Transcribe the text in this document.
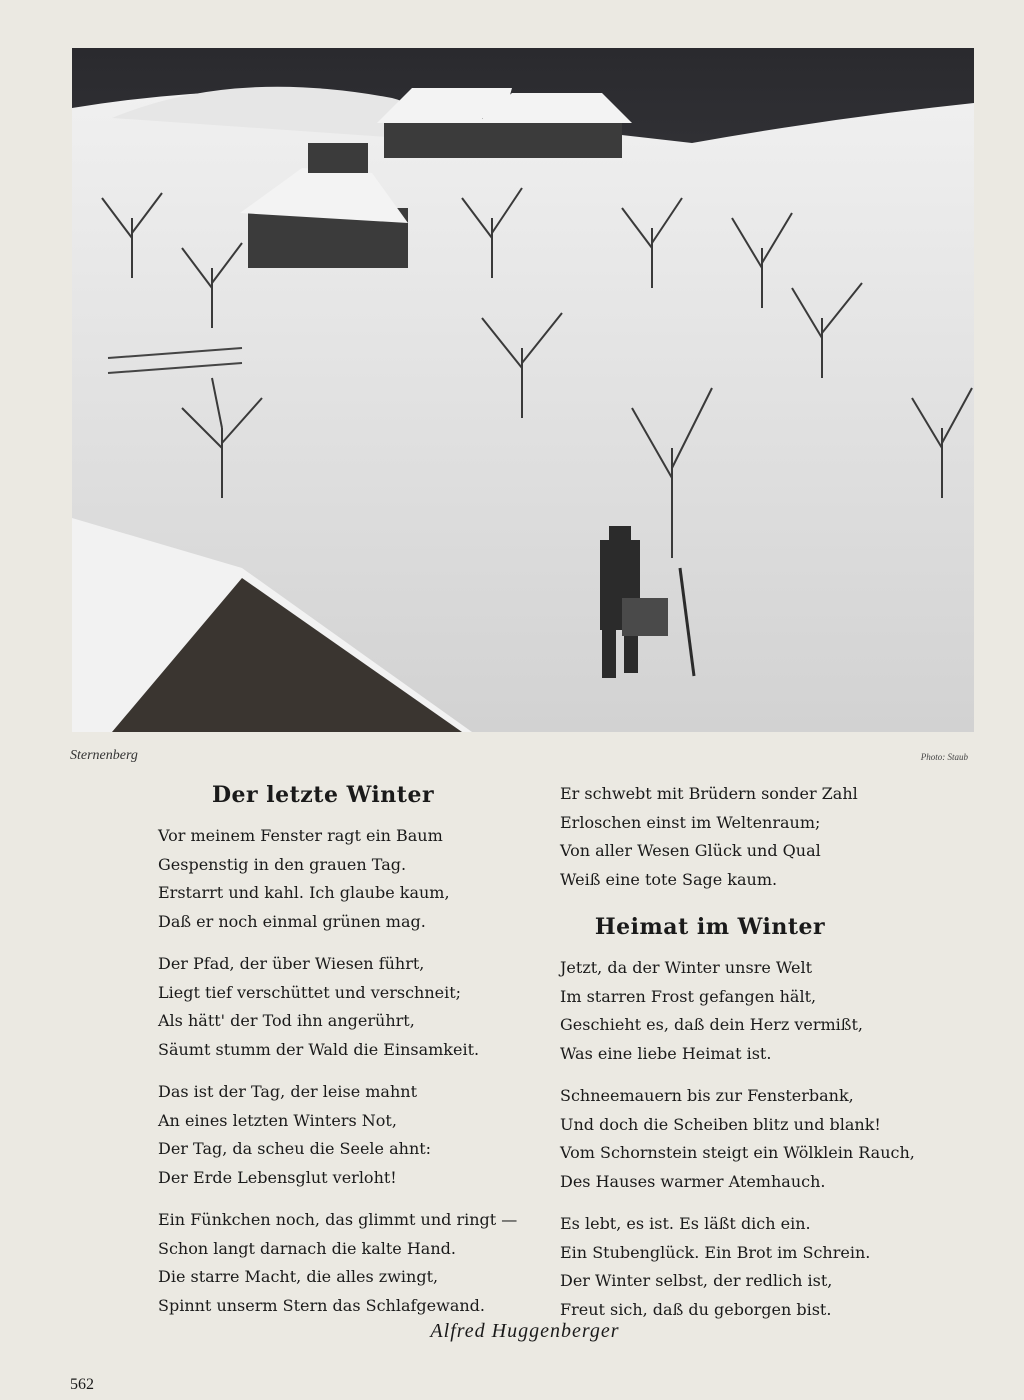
Sternenberg	Photo: Staub
Der letzte Winter
Vor meinem Fenster ragt ein Baum
Gespenstig in den grauen Tag.
Erstarrt und kahl. Ich glaube kaum,
Daß er noch einmal grünen mag.
Der Pfad, der über Wiesen führt,
Liegt tief verschüttet und verschneit;
Als hätt' der Tod ihn angerührt,
Säumt stumm der Wald die Einsamkeit.
Das ist der Tag, der leise mahnt
An eines letzten Winters Not,
Der Tag, da scheu die Seele ahnt:
Der Erde Lebensglut verloht!
Ein Fünkchen noch, das glimmt und ringt —
Schon langt darnach die kalte Hand.
Die starre Macht, die alles zwingt,
Spinnt unserm Stern das Schlafgewand.
Er schwebt mit Brüdern sonder Zahl
Erloschen einst im Weltenraum;
Von aller Wesen Glück und Qual
Weiß eine tote Sage kaum.
Heimat im Winter
Jetzt, da der Winter unsre Welt
Im starren Frost gefangen hält,
Geschieht es, daß dein Herz vermißt,
Was eine liebe Heimat ist.
Schneemauern bis zur Fensterbank,
Und doch die Scheiben blitz und blank!
Vom Schornstein steigt ein Wölklein Rauch,
Des Hauses warmer Atemhauch.
Es lebt, es ist. Es läßt dich ein.
Ein Stubenglück. Ein Brot im Schrein.
Der Winter selbst, der redlich ist,
Freut sich, daß du geborgen bist.
Alfred Huggenberger
562
